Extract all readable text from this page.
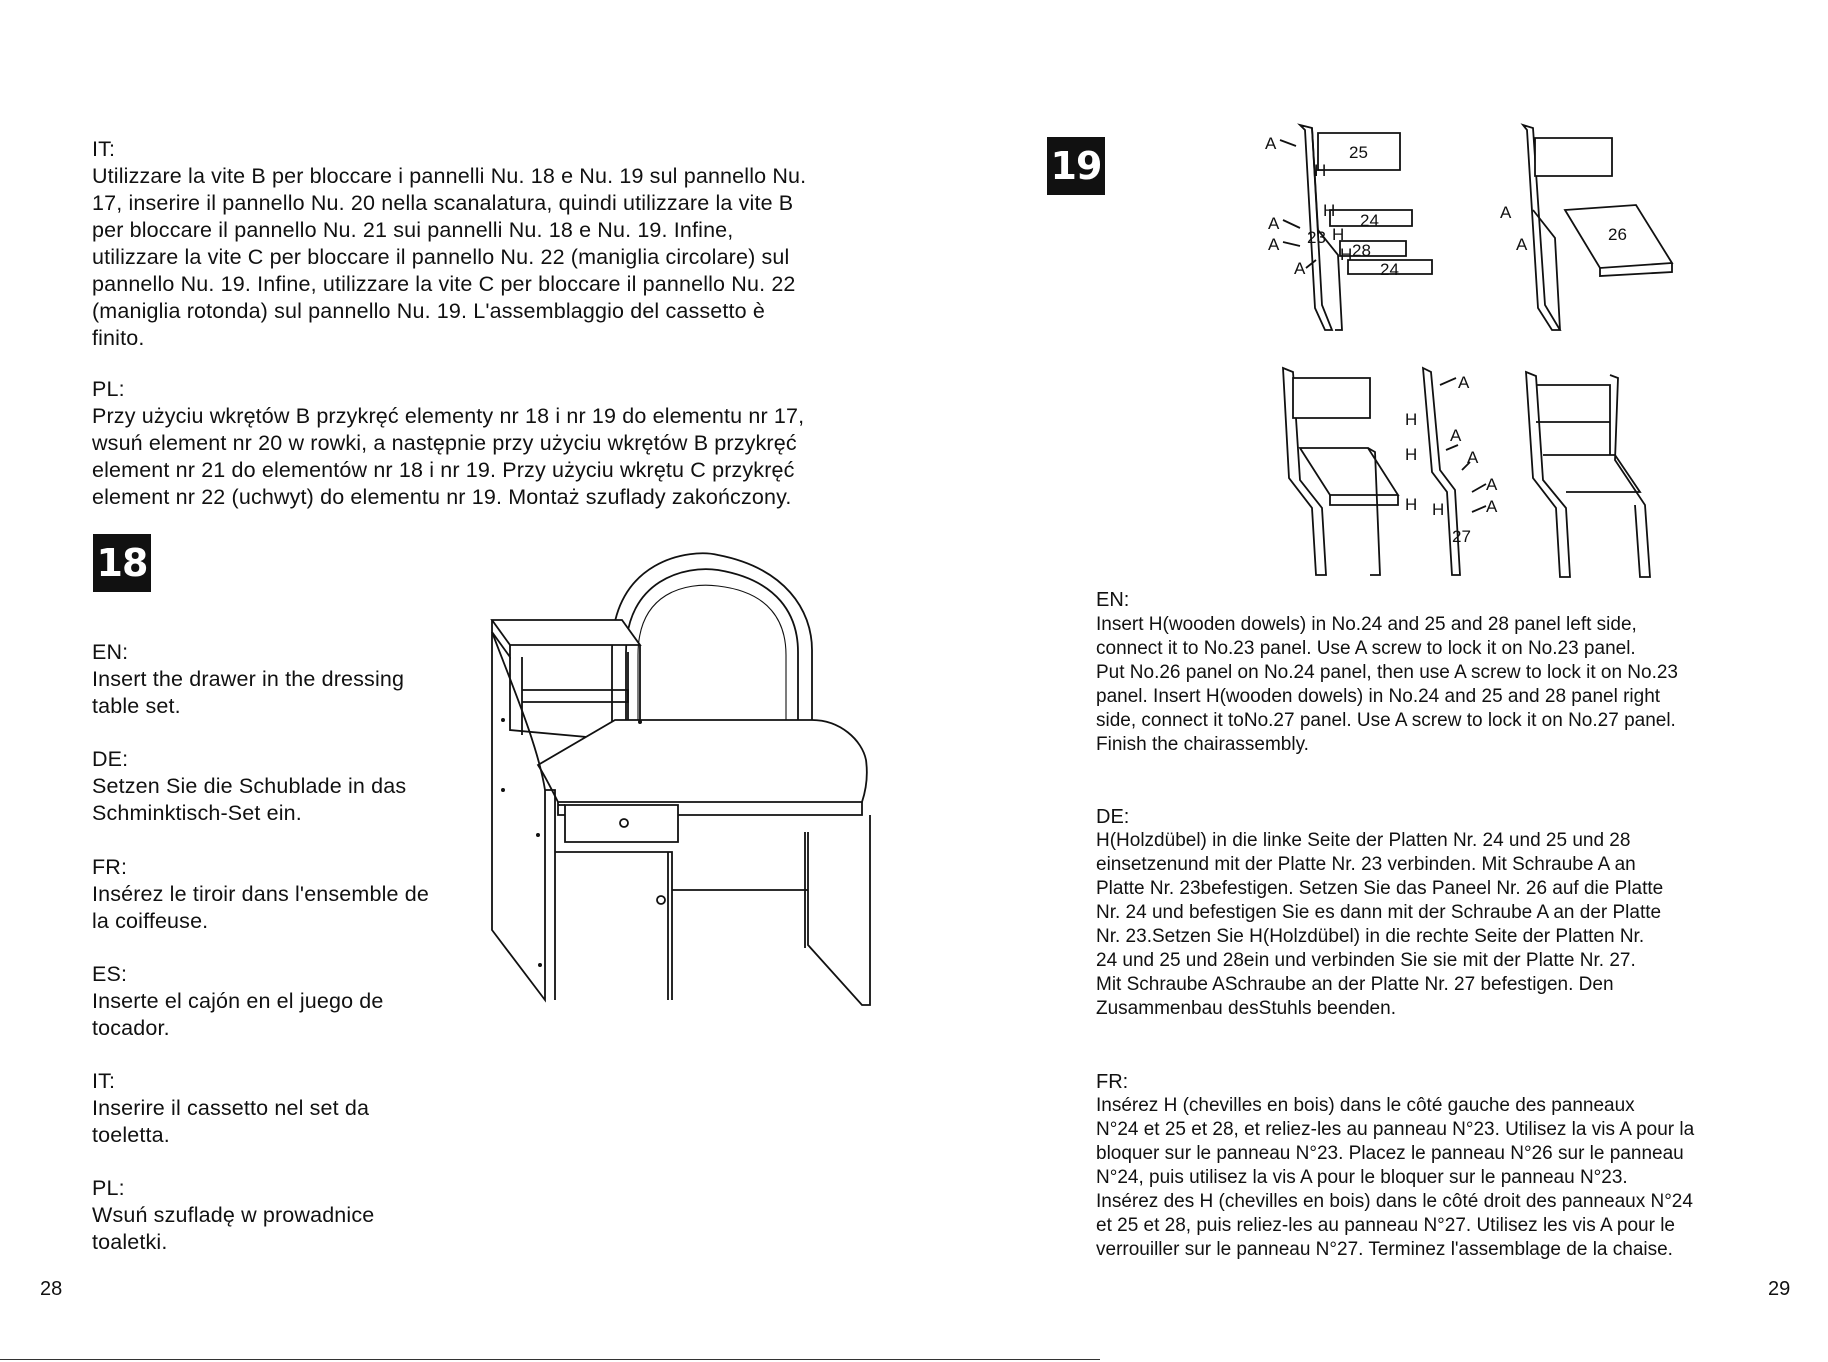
IT:
Utilizzare la vite B per bloccare i pannelli Nu. 18 e Nu. 19 sul pannello Nu.
17, inserire il pannello Nu. 20 nella scanalatura, quindi utilizzare la vite B
per bloccare il pannello Nu. 21 sui pannelli Nu. 18 e Nu. 19. Infine,
utilizzare la vite C per bloccare il pannello Nu. 22 (maniglia circolare) sul
pannello Nu. 19. Infine, utilizzare la vite C per bloccare il pannello Nu. 22
(maniglia rotonda) sul pannello Nu. 19. L'assemblaggio del cassetto è
finito.
PL:
Przy użyciu wkrętów B przykręć elementy nr 18 i nr 19 do elementu nr 17,
wsuń element nr 20 w rowki, a następnie przy użyciu wkrętów B przykręć
element nr 21 do elementów nr 18 i nr 19. Przy użyciu wkrętu C przykręć
element nr 22 (uchwyt) do elementu nr 19. Montaż szuflady zakończony.
18
EN:
Insert the drawer in the dressing
table set.
DE:
Setzen Sie die Schublade in das
Schminktisch-Set ein.
FR:
Insérez le tiroir dans l'ensemble de
la coiffeuse.
ES:
Inserte el cajón en el juego de
tocador.
IT:
Inserire il cassetto nel set da
toeletta.
PL:
Wsuń szufladę w prowadnice
toaletki.
28
19	25
24
28
24
23
A
A
A
A
H
H
H
H
26
A
A
A
A
A
A
A
H
H
H H
27
EN:
Insert H(wooden dowels) in No.24 and 25 and 28 panel left side,
connect it to No.23 panel. Use A screw to lock it on No.23 panel.
Put No.26 panel on No.24 panel, then use A screw to lock it on No.23
panel. Insert H(wooden dowels) in No.24 and 25 and 28 panel right
side, connect it toNo.27 panel. Use A screw to lock it on No.27 panel.
Finish the chairassembly.
DE:
H(Holzdübel) in die linke Seite der Platten Nr. 24 und 25 und 28
einsetzenund mit der Platte Nr. 23 verbinden. Mit Schraube A an
Platte Nr. 23befestigen. Setzen Sie das Paneel Nr. 26 auf die Platte
Nr. 24 und befestigen Sie es dann mit der Schraube A an der Platte
Nr. 23.Setzen Sie H(Holzdübel) in die rechte Seite der Platten Nr.
24 und 25 und 28ein und verbinden Sie sie mit der Platte Nr. 27.
Mit Schraube ASchraube an der Platte Nr. 27 befestigen. Den
Zusammenbau desStuhls beenden.
FR:
Insérez H (chevilles en bois) dans le côté gauche des panneaux
N°24 et 25 et 28, et reliez-les au panneau N°23. Utilisez la vis A pour la
bloquer sur le panneau N°23. Placez le panneau N°26 sur le panneau
N°24, puis utilisez la vis A pour le bloquer sur le panneau N°23.
Insérez des H (chevilles en bois) dans le côté droit des panneaux N°24
et 25 et 28, puis reliez-les au panneau N°27. Utilisez les vis A pour le
verrouiller sur le panneau N°27. Terminez l'assemblage de la chaise.
29
